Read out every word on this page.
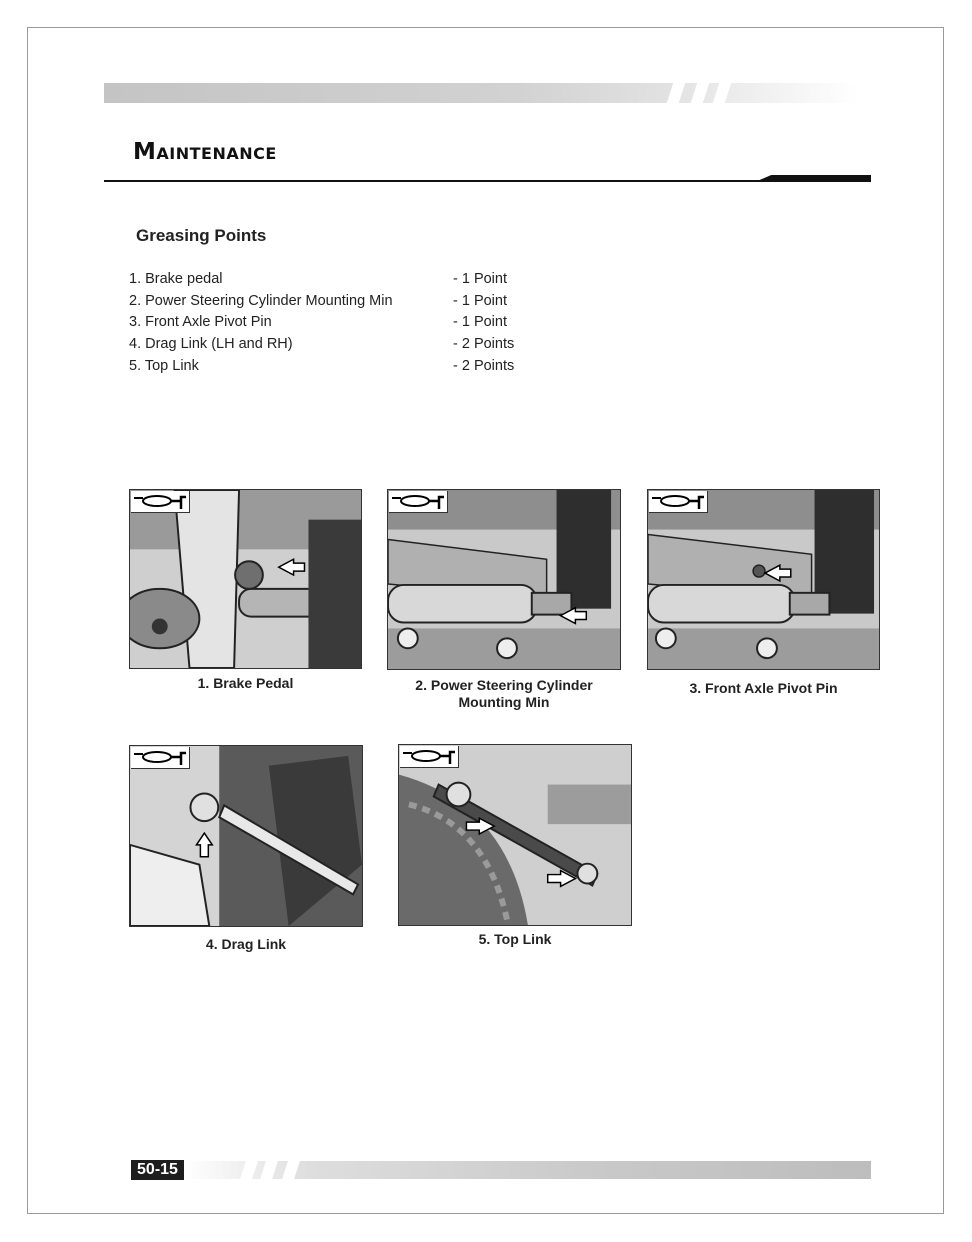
Maintenance
Greasing Points
1. Brake pedal	- 1 Point
2. Power Steering Cylinder Mounting Min	- 1 Point
3. Front Axle Pivot Pin	- 1 Point
4. Drag Link (LH and RH)	- 2 Points
5. Top Link	- 2 Points

1. Brake Pedal	2. Power Steering Cylinder
Mounting Min

3. Front Axle Pivot Pin

4. Drag Link	5. Top Link

50-15
